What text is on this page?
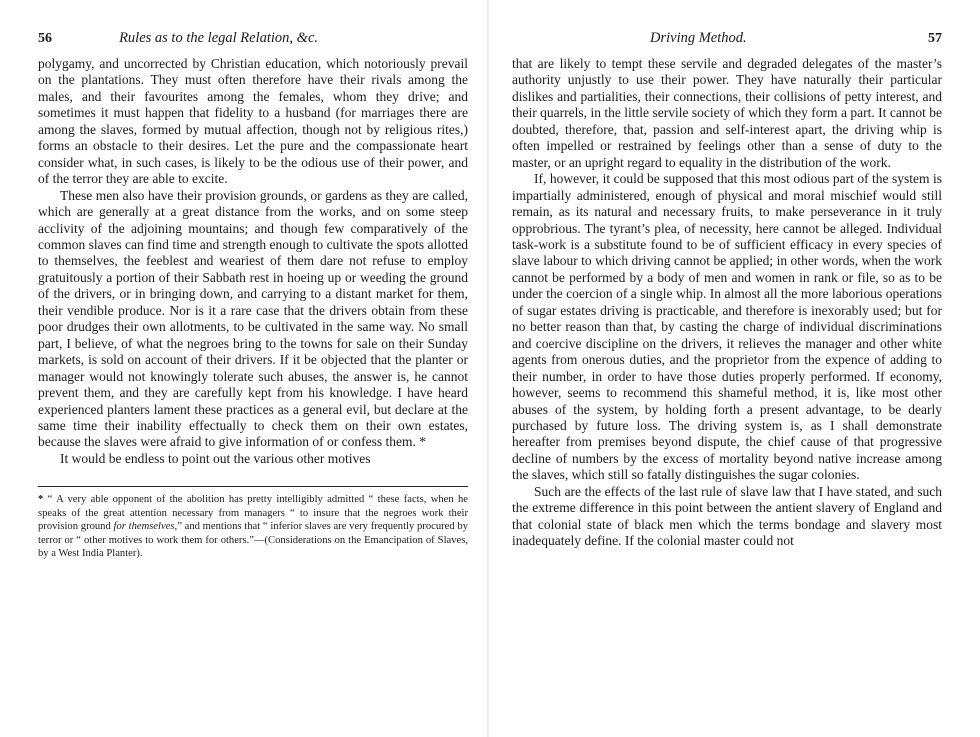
56	Rules as to the legal Relation, &c.

polygamy, and uncorrected by Christian education, which notoriously prevail on the plantations. They must often therefore have their rivals among the males, and their favourites among the females, whom they drive; and sometimes it must happen that fidelity to a husband (for marriages there are among the slaves, formed by mutual affection, though not by religious rites,) forms an obstacle to their desires. Let the pure and the compassionate heart consider what, in such cases, is likely to be the odious use of their power, and of the terror they are able to excite.

These men also have their provision grounds, or gardens as they are called, which are generally at a great distance from the works, and on some steep acclivity of the adjoining mountains; and though few comparatively of the common slaves can find time and strength enough to cultivate the spots allotted to themselves, the feeblest and weariest of them dare not refuse to employ gratuitously a portion of their Sabbath rest in hoeing up or weeding the ground of the drivers, or in bringing down, and carrying to a distant market for them, their vendible produce. Nor is it a rare case that the drivers obtain from these poor drudges their own allotments, to be cultivated in the same way. No small part, I believe, of what the negroes bring to the towns for sale on their Sunday markets, is sold on account of their drivers. If it be objected that the planter or manager would not knowingly tolerate such abuses, the answer is, he cannot prevent them, and they are carefully kept from his knowledge. I have heard experienced planters lament these practices as a general evil, but declare at the same time their inability effectually to check them on their own estates, because the slaves were afraid to give information of or confess them. *

It would be endless to point out the various other motives

* “ A very able opponent of the abolition has pretty intelligibly admitted “ these facts, when he speaks of the great attention necessary from managers “ to insure that the negroes work their provision ground for themselves,” and mentions that “ inferior slaves are very frequently procured by terror or “ other motives to work them for others.”—(Considerations on the Emancipation of Slaves, by a West India Planter).

Driving Method.	57

that are likely to tempt these servile and degraded delegates of the master’s authority unjustly to use their power. They have naturally their particular dislikes and partialities, their connections, their collisions of petty interest, and their quarrels, in the little servile society of which they form a part. It cannot be doubted, therefore, that, passion and self-interest apart, the driving whip is often impelled or restrained by feelings other than a sense of duty to the master, or an upright regard to equality in the distribution of the work.

If, however, it could be supposed that this most odious part of the system is impartially administered, enough of physical and moral mischief would still remain, as its natural and necessary fruits, to make perseverance in it truly opprobrious. The tyrant’s plea, of necessity, here cannot be alleged. Individual task-work is a substitute found to be of sufficient efficacy in every species of slave labour to which driving cannot be applied; in other words, when the work cannot be performed by a body of men and women in rank or file, so as to be under the coercion of a single whip. In almost all the more laborious operations of sugar estates driving is practicable, and therefore is inexorably used; but for no better reason than that, by casting the charge of individual discriminations and coercive discipline on the drivers, it relieves the manager and other white agents from onerous duties, and the proprietor from the expence of adding to their number, in order to have those duties properly performed. If economy, however, seems to recommend this shameful method, it is, like most other abuses of the system, by holding forth a present advantage, to be dearly purchased by future loss. The driving system is, as I shall demonstrate hereafter from premises beyond dispute, the chief cause of that progressive decline of numbers by the excess of mortality beyond native increase among the slaves, which still so fatally distinguishes the sugar colonies.

Such are the effects of the last rule of slave law that I have stated, and such the extreme difference in this point between the antient slavery of England and that colonial state of black men which the terms bondage and slavery most inadequately define. If the colonial master could not
